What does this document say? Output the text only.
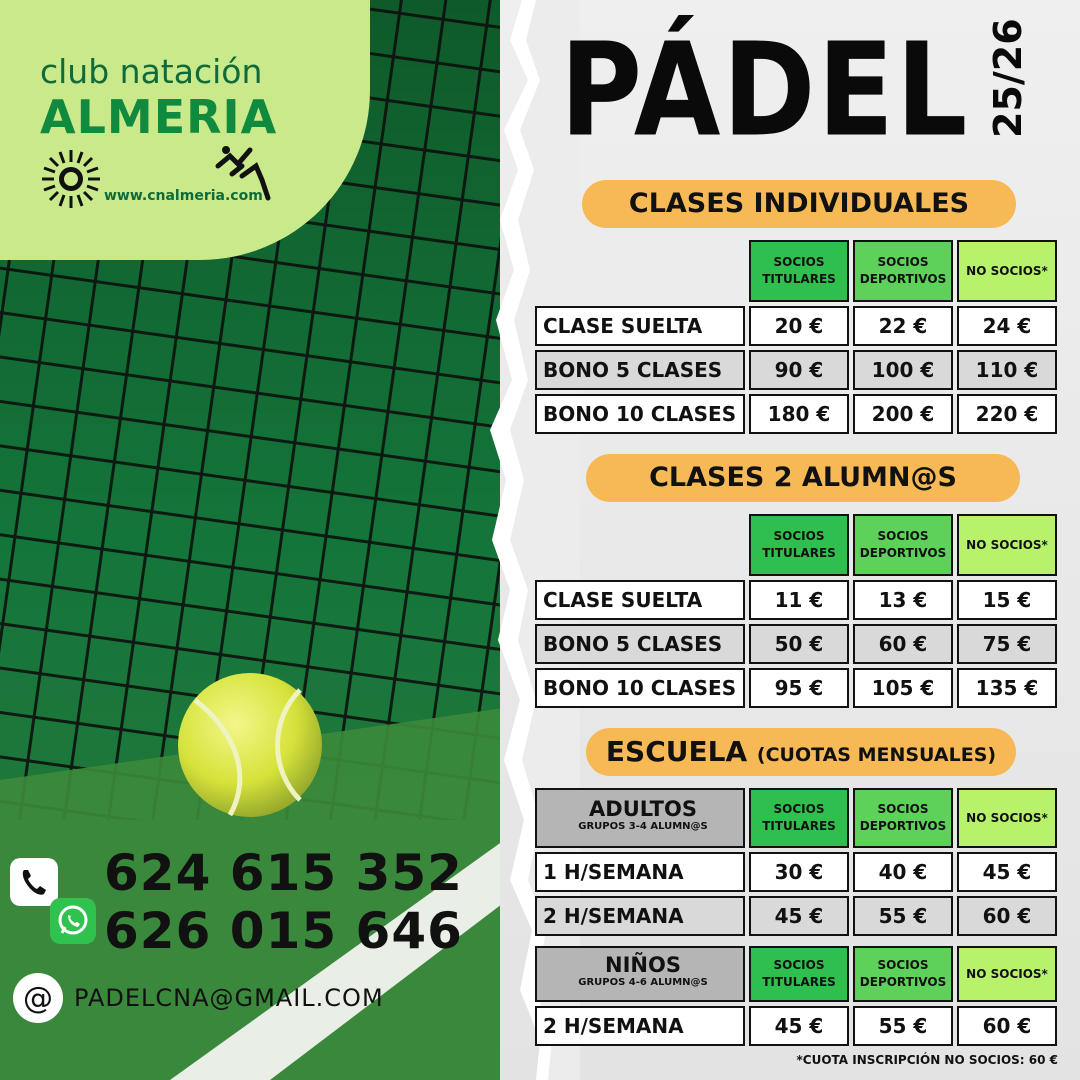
club natación
ALMERIA
www.cnalmeria.com
PÁDEL 25/26
CLASES INDIVIDUALES
	SOCIOS TITULARES	SOCIOS DEPORTIVOS	NO SOCIOS*
CLASE SUELTA	20 €	22 €	24 €
BONO 5 CLASES	90 €	100 €	110 €
BONO 10 CLASES	180 €	200 €	220 €
CLASES 2 ALUMN@S
	SOCIOS TITULARES	SOCIOS DEPORTIVOS	NO SOCIOS*
CLASE SUELTA	11 €	13 €	15 €
BONO 5 CLASES	50 €	60 €	75 €
BONO 10 CLASES	95 €	105 €	135 €
ESCUELA (CUOTAS MENSUALES)
ADULTOS
GRUPOS 3-4 ALUMN@S	SOCIOS TITULARES	SOCIOS DEPORTIVOS	NO SOCIOS*
1 H/SEMANA	30 €	40 €	45 €
2 H/SEMANA	45 €	55 €	60 €
NIÑOS
GRUPOS 4-6 ALUMN@S	SOCIOS TITULARES	SOCIOS DEPORTIVOS	NO SOCIOS*
2 H/SEMANA	45 €	55 €	60 €
*CUOTA INSCRIPCIÓN NO SOCIOS: 60 €
624 615 352
626 015 646
@ PADELCNA@GMAIL.COM
